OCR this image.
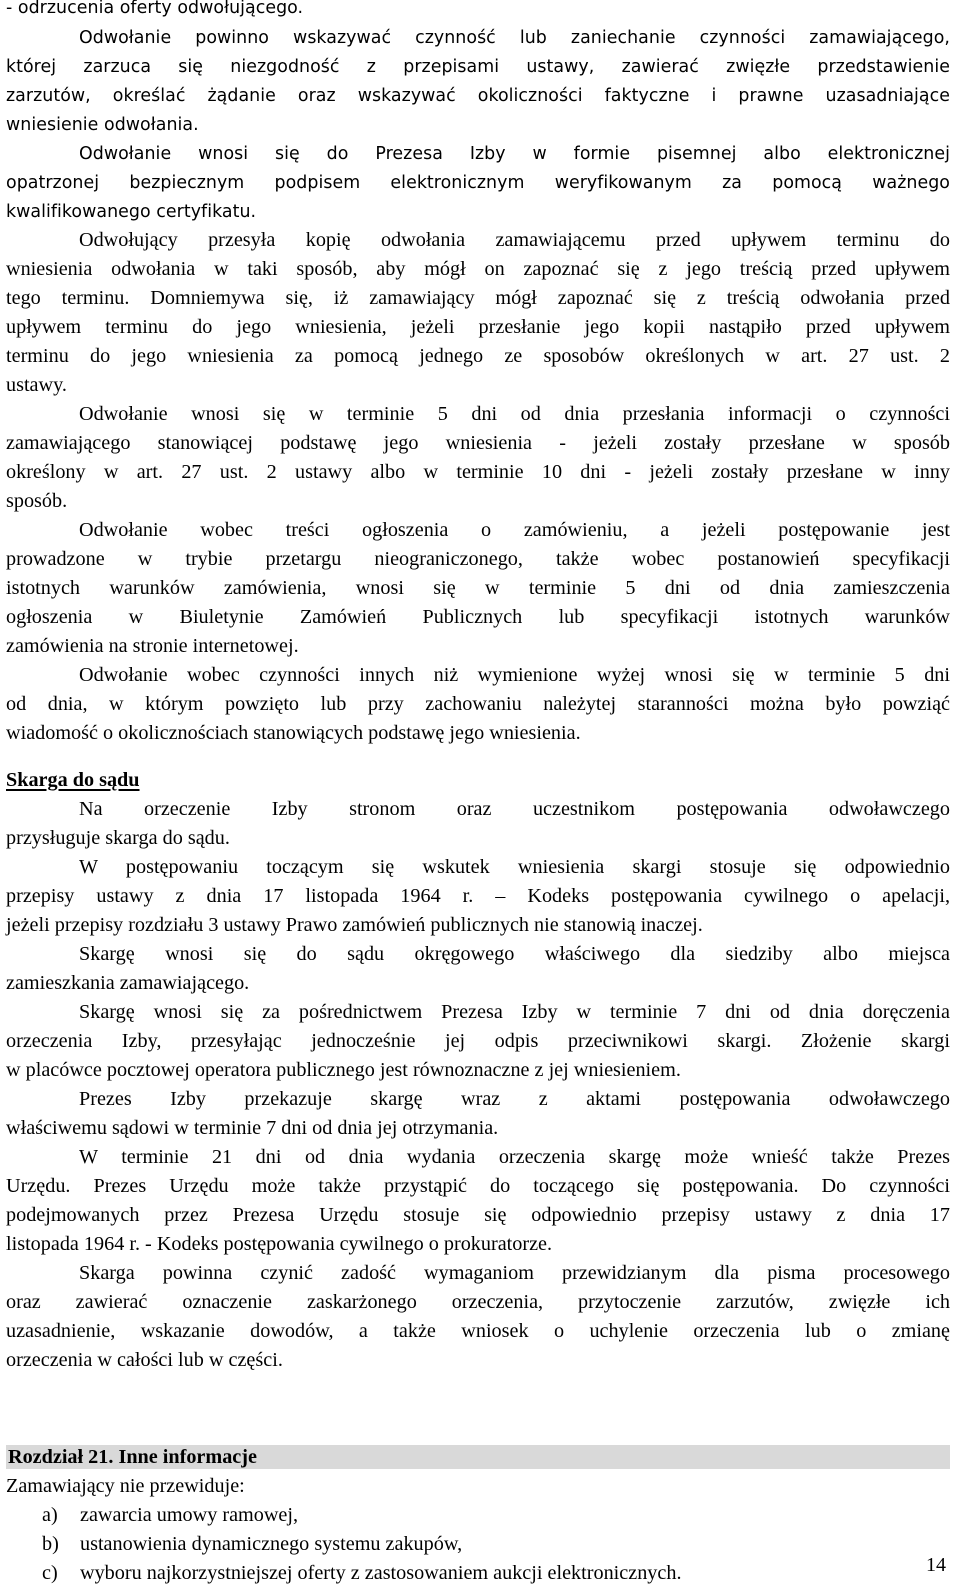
- odrzucenia oferty odwołującego.
Odwołanie powinno wskazywać czynność lub zaniechanie czynności zamawiającego,
której zarzuca się niezgodność z przepisami ustawy, zawierać zwięzłe przedstawienie
zarzutów, określać żądanie oraz wskazywać okoliczności faktyczne i prawne uzasadniające
wniesienie odwołania.
Odwołanie wnosi się do Prezesa Izby w formie pisemnej albo elektronicznej
opatrzonej bezpiecznym podpisem elektronicznym weryfikowanym za pomocą ważnego
kwalifikowanego certyfikatu.
Odwołujący przesyła kopię odwołania zamawiającemu przed upływem terminu do
wniesienia odwołania w taki sposób, aby mógł on zapoznać się z jego treścią przed upływem
tego terminu. Domniemywa się, iż zamawiający mógł zapoznać się z treścią odwołania przed
upływem terminu do jego wniesienia, jeżeli przesłanie jego kopii nastąpiło przed upływem
terminu do jego wniesienia za pomocą jednego ze sposobów określonych w art. 27 ust. 2
ustawy.
Odwołanie wnosi się w terminie 5 dni od dnia przesłania informacji o czynności
zamawiającego stanowiącej podstawę jego wniesienia - jeżeli zostały przesłane w sposób
określony w art. 27 ust. 2 ustawy albo w terminie 10 dni - jeżeli zostały przesłane w inny
sposób.
Odwołanie wobec treści ogłoszenia o zamówieniu, a jeżeli postępowanie jest
prowadzone w trybie przetargu nieograniczonego, także wobec postanowień specyfikacji
istotnych warunków zamówienia, wnosi się w terminie 5 dni od dnia zamieszczenia
ogłoszenia w Biuletynie Zamówień Publicznych lub specyfikacji istotnych warunków
zamówienia na stronie internetowej.
Odwołanie wobec czynności innych niż wymienione wyżej wnosi się w terminie 5 dni
od dnia, w którym powzięto lub przy zachowaniu należytej staranności można było powziąć
wiadomość o okolicznościach stanowiących podstawę jego wniesienia.
Skarga do sądu
Na orzeczenie Izby stronom oraz uczestnikom postępowania odwoławczego
przysługuje skarga do sądu.
W postępowaniu toczącym się wskutek wniesienia skargi stosuje się odpowiednio
przepisy ustawy z dnia 17 listopada 1964 r. – Kodeks postępowania cywilnego o apelacji,
jeżeli przepisy rozdziału 3 ustawy Prawo zamówień publicznych nie stanowią inaczej.
Skargę wnosi się do sądu okręgowego właściwego dla siedziby albo miejsca
zamieszkania zamawiającego.
Skargę wnosi się za pośrednictwem Prezesa Izby w terminie 7 dni od dnia doręczenia
orzeczenia Izby, przesyłając jednocześnie jej odpis przeciwnikowi skargi. Złożenie skargi
w placówce pocztowej operatora publicznego jest równoznaczne z jej wniesieniem.
Prezes Izby przekazuje skargę wraz z aktami postępowania odwoławczego
właściwemu sądowi w terminie 7 dni od dnia jej otrzymania.
W terminie 21 dni od dnia wydania orzeczenia skargę może wnieść także Prezes
Urzędu. Prezes Urzędu może także przystąpić do toczącego się postępowania. Do czynności
podejmowanych przez Prezesa Urzędu stosuje się odpowiednio przepisy ustawy z dnia 17
listopada 1964 r. - Kodeks postępowania cywilnego o prokuratorze.
Skarga powinna czynić zadość wymaganiom przewidzianym dla pisma procesowego
oraz zawierać oznaczenie zaskarżonego orzeczenia, przytoczenie zarzutów, zwięzłe ich
uzasadnienie, wskazanie dowodów, a także wniosek o uchylenie orzeczenia lub o zmianę
orzeczenia w całości lub w części.
Rozdział 21. Inne informacje
Zamawiający nie przewiduje:
a) zawarcia umowy ramowej,
b) ustanowienia dynamicznego systemu zakupów,
c) wyboru najkorzystniejszej oferty z zastosowaniem aukcji elektronicznych.	14
